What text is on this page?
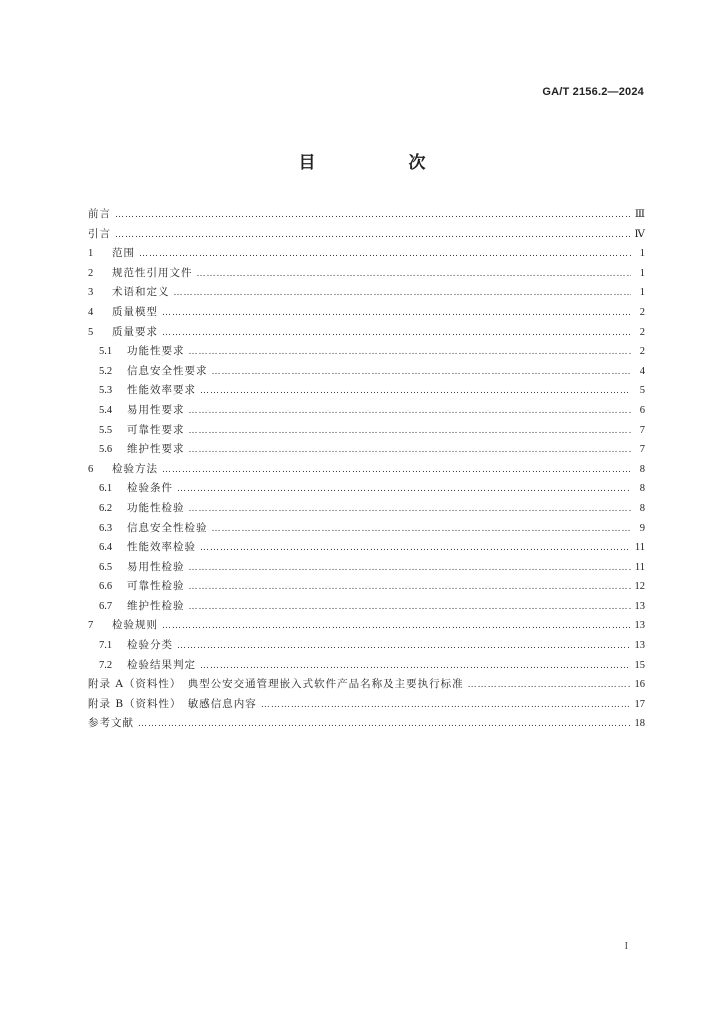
GA/T 2156.2—2024
目　次
前言 …………………………………………………………………………………………………………………………………………………………………………………………………………………………………………	Ⅲ
引言 …………………………………………………………………………………………………………………………………………………………………………………………………………………………………………	Ⅳ
1	范围 …………………………………………………………………………………………………………………………………………………………………………………………………………………………………………	1
2	规范性引用文件 …………………………………………………………………………………………………………………………………………………………………………………………………………………………………………	1
3	术语和定义 …………………………………………………………………………………………………………………………………………………………………………………………………………………………………………	1
4	质量模型 …………………………………………………………………………………………………………………………………………………………………………………………………………………………………………	2
5	质量要求 …………………………………………………………………………………………………………………………………………………………………………………………………………………………………………	2
5.1	功能性要求 …………………………………………………………………………………………………………………………………………………………………………………………………………………………………………	2
5.2	信息安全性要求 …………………………………………………………………………………………………………………………………………………………………………………………………………………………………………	4
5.3	性能效率要求 …………………………………………………………………………………………………………………………………………………………………………………………………………………………………………	5
5.4	易用性要求 …………………………………………………………………………………………………………………………………………………………………………………………………………………………………………	6
5.5	可靠性要求 …………………………………………………………………………………………………………………………………………………………………………………………………………………………………………	7
5.6	维护性要求 …………………………………………………………………………………………………………………………………………………………………………………………………………………………………………	7
6	检验方法 …………………………………………………………………………………………………………………………………………………………………………………………………………………………………………	8
6.1	检验条件 …………………………………………………………………………………………………………………………………………………………………………………………………………………………………………	8
6.2	功能性检验 …………………………………………………………………………………………………………………………………………………………………………………………………………………………………………	8
6.3	信息安全性检验 …………………………………………………………………………………………………………………………………………………………………………………………………………………………………………	9
6.4	性能效率检验 …………………………………………………………………………………………………………………………………………………………………………………………………………………………………………	11
6.5	易用性检验 …………………………………………………………………………………………………………………………………………………………………………………………………………………………………………	11
6.6	可靠性检验 …………………………………………………………………………………………………………………………………………………………………………………………………………………………………………	12
6.7	维护性检验 …………………………………………………………………………………………………………………………………………………………………………………………………………………………………………	13
7	检验规则 …………………………………………………………………………………………………………………………………………………………………………………………………………………………………………	13
7.1	检验分类 …………………………………………………………………………………………………………………………………………………………………………………………………………………………………………	13
7.2	检验结果判定 …………………………………………………………………………………………………………………………………………………………………………………………………………………………………………	15
附录 A（资料性）　典型公安交通管理嵌入式软件产品名称及主要执行标准 …………………………………………………………………………………………………………………………………………………………………………………………………………………………………………	16
附录 B（资料性）　敏感信息内容 …………………………………………………………………………………………………………………………………………………………………………………………………………………………………………	17
参考文献 …………………………………………………………………………………………………………………………………………………………………………………………………………………………………………	18
I
